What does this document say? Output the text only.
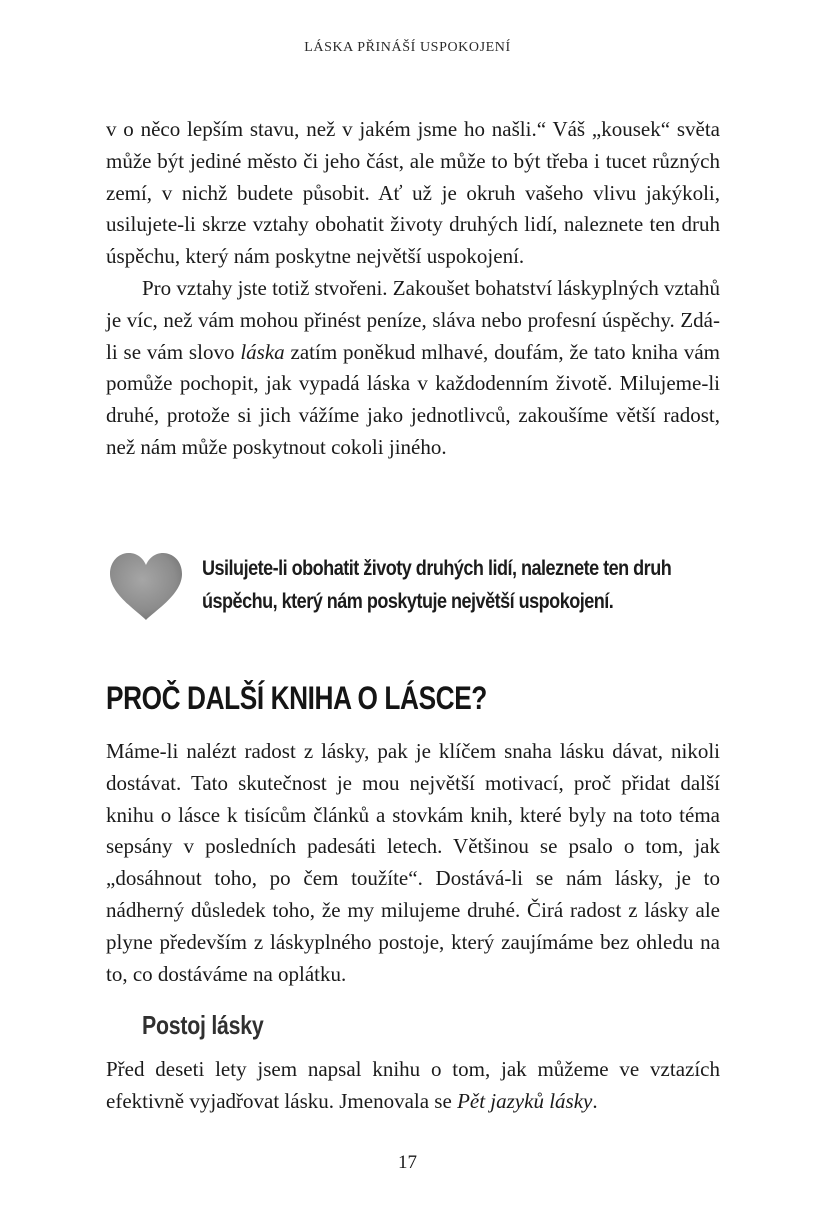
LÁSKA PŘINÁŠÍ USPOKOJENÍ

v o něco lepším stavu, než v jakém jsme ho našli.“ Váš „kousek“ světa může být jediné město či jeho část, ale může to být třeba i tucet různých zemí, v nichž budete působit. Ať už je okruh vašeho vlivu jakýkoli, usilujete-li skrze vztahy obohatit životy druhých lidí, naleznete ten druh úspěchu, který nám poskytne největší uspokojení.

Pro vztahy jste totiž stvořeni. Zakoušet bohatství láskyplných vztahů je víc, než vám mohou přinést peníze, sláva nebo profesní úspěchy. Zdá-li se vám slovo láska zatím poněkud mlhavé, doufám, že tato kniha vám pomůže pochopit, jak vypadá láska v každodenním životě. Milujeme-li druhé, protože si jich vážíme jako jednotlivců, zakoušíme větší radost, než nám může poskytnout cokoli jiného.

Usilujete-li obohatit životy druhých lidí, naleznete ten druh
úspěchu, který nám poskytuje největší uspokojení.
PROČ DALŠÍ KNIHA O LÁSCE?

Máme-li nalézt radost z lásky, pak je klíčem snaha lásku dávat, nikoli dostávat. Tato skutečnost je mou největší motivací, proč přidat další knihu o lásce k tisícům článků a stovkám knih, které byly na toto téma sepsány v posledních padesáti letech. Většinou se psalo o tom, jak „dosáhnout toho, po čem toužíte“. Dostává-li se nám lásky, je to nádherný důsledek toho, že my milujeme druhé. Čirá radost z lásky ale plyne především z láskyplného postoje, který zaujímáme bez ohledu na to, co dostáváme na oplátku.

Postoj lásky

Před deseti lety jsem napsal knihu o tom, jak můžeme ve vztazích efektivně vyjadřovat lásku. Jmenovala se Pět jazyků lásky.

17
